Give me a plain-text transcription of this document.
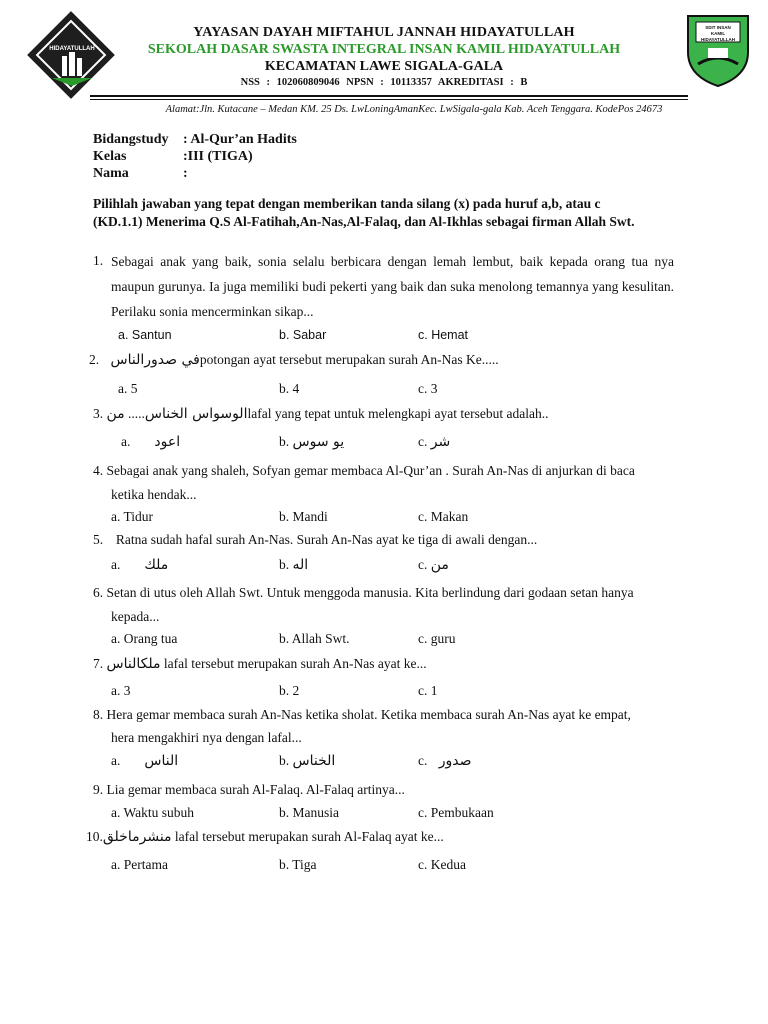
HIDAYATULLAH
SDIT INSAN KAMIL HIDAYATULLAH
YAYASAN DAYAH MIFTAHUL JANNAH HIDAYATULLAH
SEKOLAH DASAR SWASTA INTEGRAL INSAN KAMIL HIDAYATULLAH
KECAMATAN LAWE SIGALA-GALA
NSS : 102060809046 NPSN : 10113357 AKREDITASI : B
Alamat:Jln. Kutacane – Medan KM. 25 Ds. LwLoningAmanKec. LwSigala-gala Kab. Aceh Tenggara. KodePos 24673
Bidangstudy : Al-Qur’an Hadits
Kelas	:III (TIGA)
Nama	:
Pilihlah jawaban yang tepat dengan memberikan tanda silang (x) pada huruf a,b, atau c
(KD.1.1) Menerima Q.S Al-Fatihah,An-Nas,Al-Falaq, dan Al-Ikhlas sebagai firman Allah Swt.
1. Sebagai anak yang baik, sonia selalu berbicara dengan lemah lembut, baik kepada orang tua nya maupun gurunya. Ia juga memiliki budi pekerti yang baik dan suka menolong temannya yang kesulitan. Perilaku sonia mencerminkan sikap...
a. Santun	b. Sabar	c. Hemat
2. في صدورالناسpotongan ayat tersebut merupakan surah An-Nas Ke.....
a. 5	b. 4	c. 3
3. من .....الوسواس الخناسlafal yang tepat untuk melengkapi ayat tersebut adalah..
a. اعود	b. يو سوس	c. شر
4. Sebagai anak yang shaleh, Sofyan gemar membaca Al-Qur’an . Surah An-Nas di anjurkan di baca
ketika hendak...
a. Tidur	b. Mandi	c. Makan
5.  Ratna sudah hafal surah An-Nas. Surah An-Nas ayat ke tiga di awali dengan...
a. ملك	b. اله	c. من
6. Setan di utus oleh Allah Swt. Untuk menggoda manusia. Kita berlindung dari godaan setan hanya
kepada...
a. Orang tua	b. Allah Swt.	c. guru
7. ملكالناس lafal tersebut merupakan surah An-Nas ayat ke...
a. 3	b. 2	c. 1
8. Hera gemar membaca surah An-Nas ketika sholat. Ketika membaca surah An-Nas ayat ke empat,
hera mengakhiri nya dengan lafal...
a. الناس	b. الخناس	c. صدور
9. Lia gemar membaca surah Al-Falaq. Al-Falaq artinya...
a. Waktu subuh	b. Manusia	c. Pembukaan
10.منشرماخلق lafal tersebut merupakan surah Al-Falaq ayat ke...
a. Pertama	b. Tiga	c. Kedua
